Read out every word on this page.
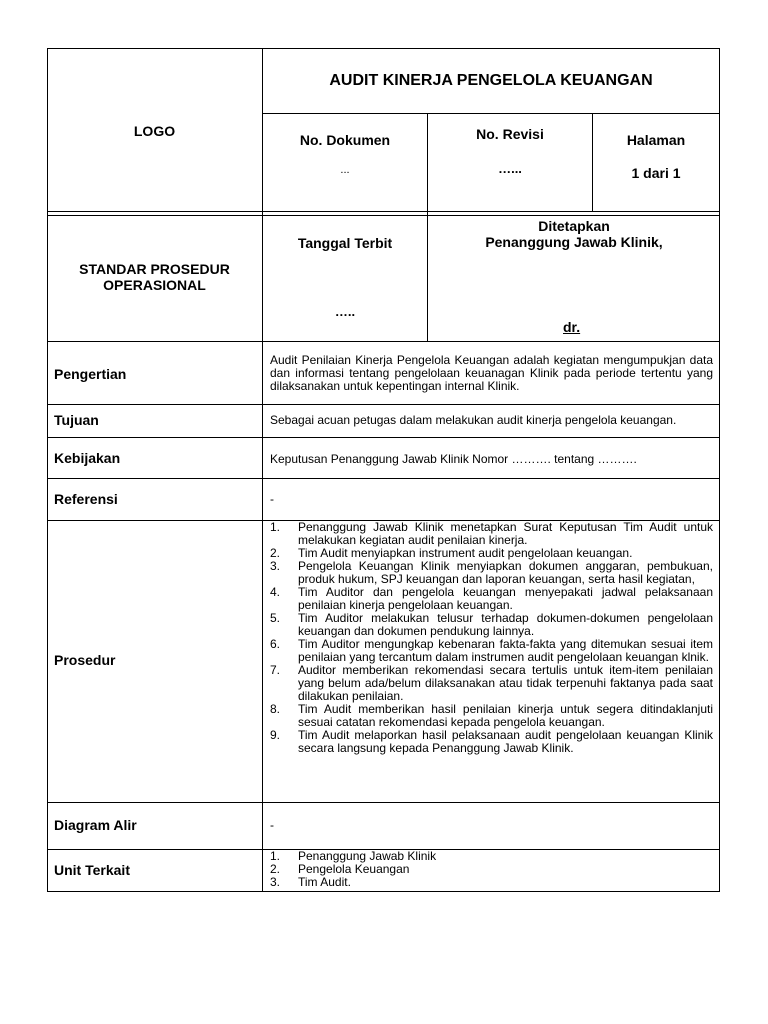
LOGO
AUDIT KINERJA PENGELOLA KEUANGAN
No. Dokumen
...
No. Revisi
…...
Halaman
1 dari 1
STANDAR PROSEDUR
OPERASIONAL
Tanggal Terbit
…..
Ditetapkan
Penanggung Jawab Klinik,
dr.
Pengertian
Tujuan
Kebijakan
Referensi
Prosedur
Diagram Alir
Unit Terkait
Audit Penilaian Kinerja Pengelola Keuangan adalah kegiatan mengumpukjan data dan informasi tentang pengelolaan keuanagan Klinik pada periode tertentu yang dilaksanakan untuk kepentingan internal Klinik.
Sebagai acuan petugas dalam melakukan audit kinerja pengelola keuangan.
Keputusan Penanggung Jawab Klinik Nomor ………. tentang ……….
-
1. Penanggung Jawab Klinik menetapkan Surat Keputusan Tim Audit untuk melakukan kegiatan audit penilaian kinerja.
2. Tim Audit menyiapkan instrument audit pengelolaan keuangan.
3. Pengelola Keuangan Klinik menyiapkan dokumen anggaran, pembukuan, produk hukum, SPJ keuangan dan laporan keuangan, serta hasil kegiatan,
4. Tim Auditor dan pengelola keuangan menyepakati jadwal pelaksanaan penilaian kinerja pengelolaan keuangan.
5. Tim Auditor melakukan telusur terhadap dokumen-dokumen pengelolaan keuangan dan dokumen pendukung lainnya.
6. Tim Auditor mengungkap kebenaran fakta-fakta yang ditemukan sesuai item penilaian yang tercantum dalam instrumen audit pengelolaan keuangan klnik.
7. Auditor memberikan rekomendasi secara tertulis untuk item-item penilaian yang belum ada/belum dilaksanakan atau tidak terpenuhi faktanya pada saat dilakukan penilaian.
8. Tim Audit memberikan hasil penilaian kinerja untuk segera ditindaklanjuti sesuai catatan rekomendasi kepada pengelola keuangan.
9. Tim Audit melaporkan hasil pelaksanaan audit pengelolaan keuangan Klinik secara langsung kepada Penanggung Jawab Klinik.
-
1. Penanggung Jawab Klinik
2. Pengelola Keuangan
3. Tim Audit.
